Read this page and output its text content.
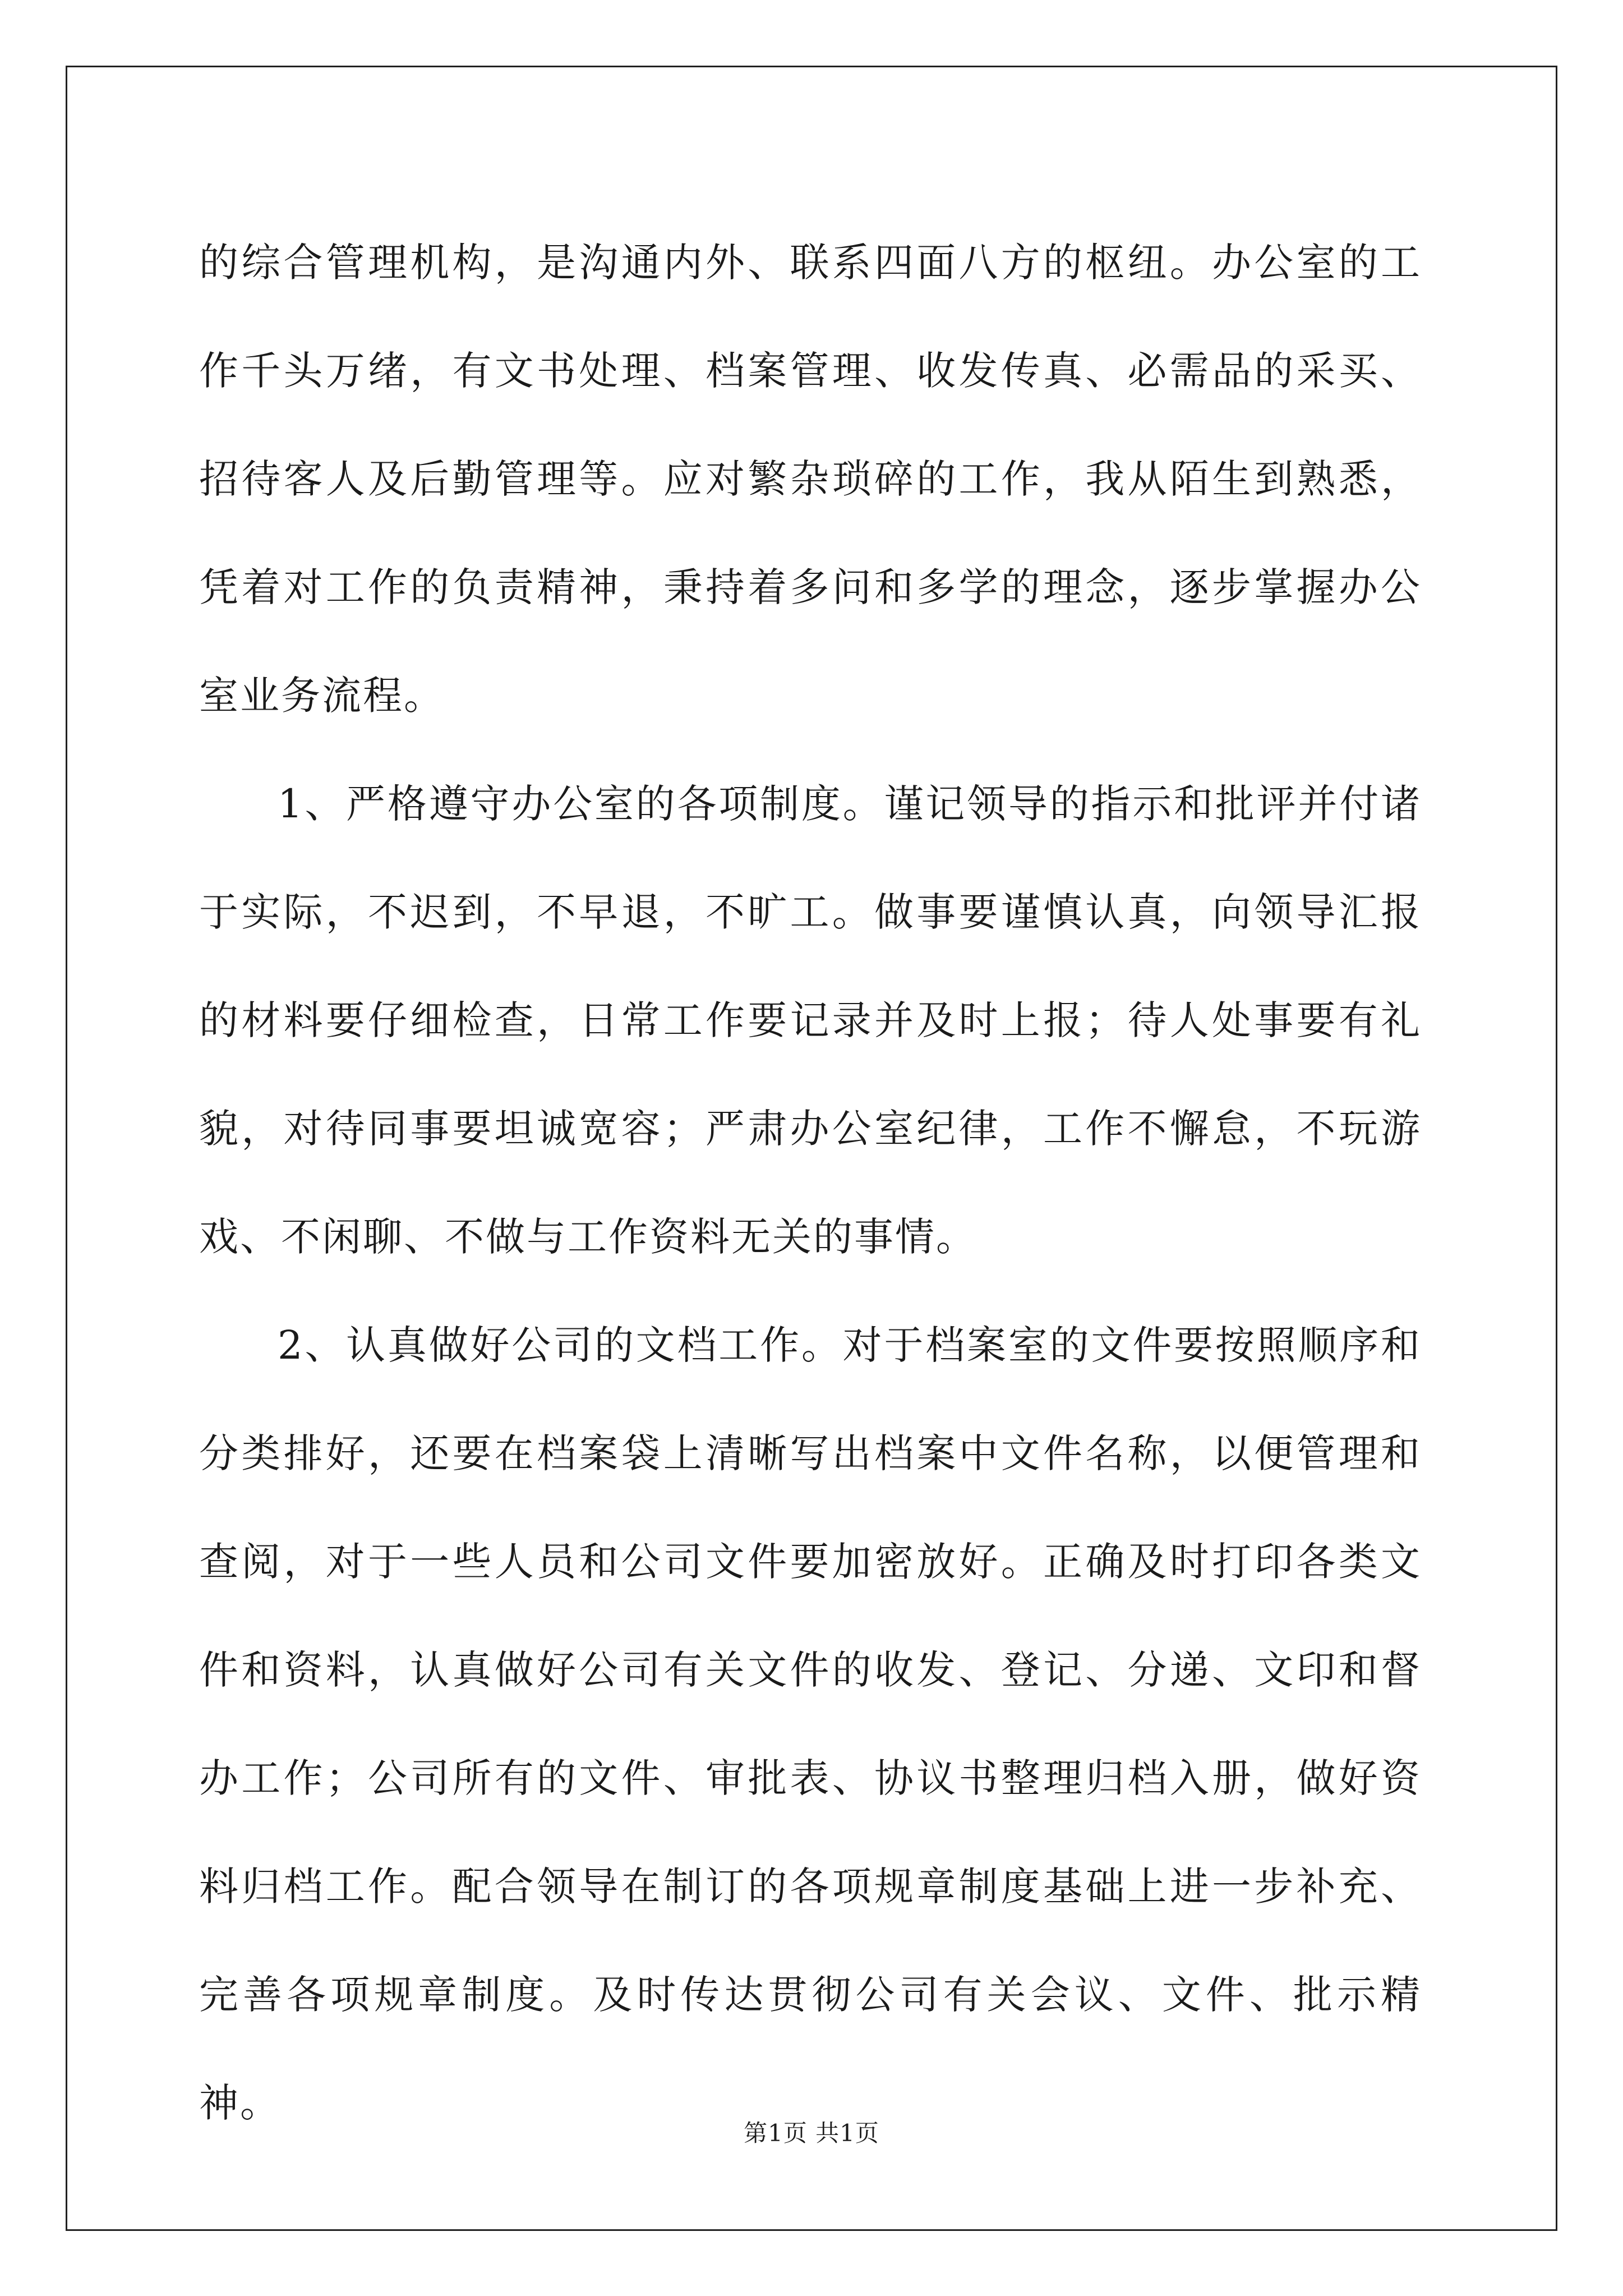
的综合管理机构，是沟通内外、联系四面八方的枢纽。办公室的工作千头万绪，有文书处理、档案管理、收发传真、必需品的采买、招待客人及后勤管理等。应对繁杂琐碎的工作，我从陌生到熟悉，凭着对工作的负责精神，秉持着多问和多学的理念，逐步掌握办公室业务流程。

1、严格遵守办公室的各项制度。谨记领导的指示和批评并付诸于实际，不迟到，不早退，不旷工。做事要谨慎认真，向领导汇报的材料要仔细检查，日常工作要记录并及时上报；待人处事要有礼貌，对待同事要坦诚宽容；严肃办公室纪律，工作不懈怠，不玩游戏、不闲聊、不做与工作资料无关的事情。

2、认真做好公司的文档工作。对于档案室的文件要按照顺序和分类排好，还要在档案袋上清晰写出档案中文件名称，以便管理和查阅，对于一些人员和公司文件要加密放好。正确及时打印各类文件和资料，认真做好公司有关文件的收发、登记、分递、文印和督办工作；公司所有的文件、审批表、协议书整理归档入册，做好资料归档工作。配合领导在制订的各项规章制度基础上进一步补充、完善各项规章制度。及时传达贯彻公司有关会议、文件、批示精神。

第1页 共1页
